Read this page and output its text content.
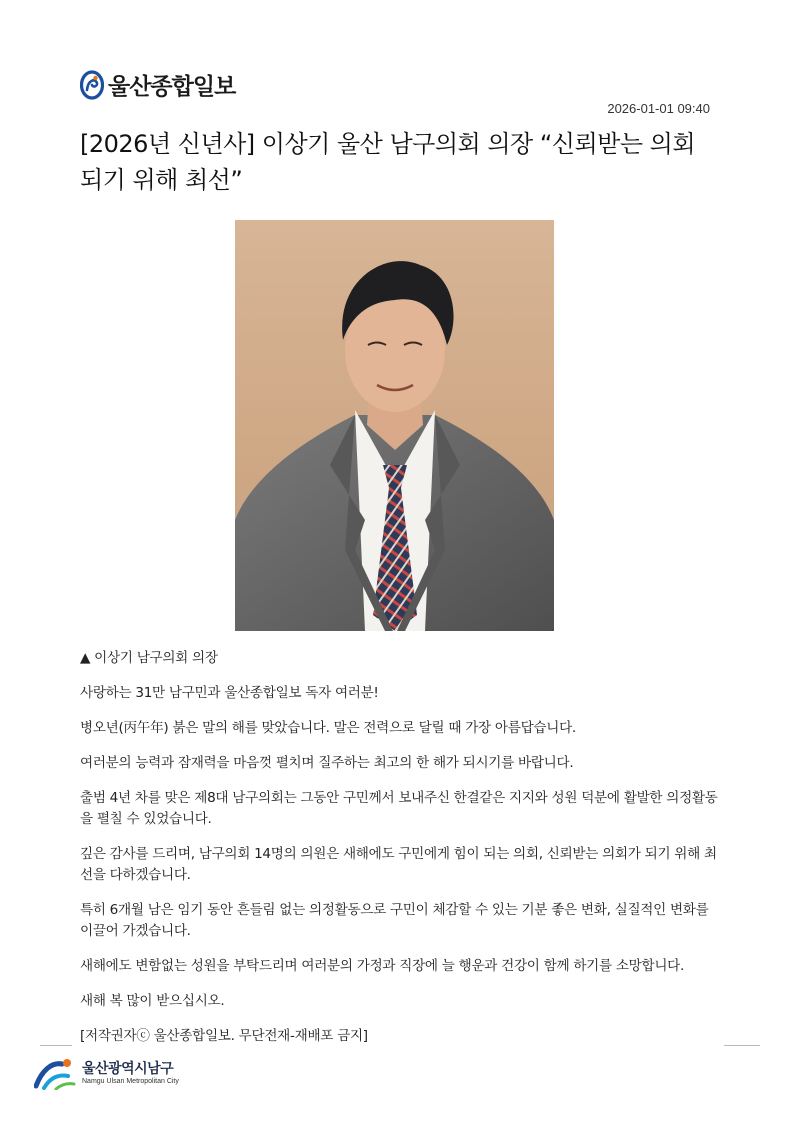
울산종합일보
2026-01-01 09:40
[2026년 신년사] 이상기 울산 남구의회 의장 “신뢰받는 의회 되기 위해 최선”

▲ 이상기 남구의회 의장

사랑하는 31만 남구민과 울산종합일보 독자 여러분!

병오년(丙午年) 붉은 말의 해를 맞았습니다. 말은 전력으로 달릴 때 가장 아름답습니다.

여러분의 능력과 잠재력을 마음껏 펼치며 질주하는 최고의 한 해가 되시기를 바랍니다.

출범 4년 차를 맞은 제8대 남구의회는 그동안 구민께서 보내주신 한결같은 지지와 성원 덕분에 활발한 의정활동을 펼칠 수 있었습니다.

깊은 감사를 드리며, 남구의회 14명의 의원은 새해에도 구민에게 힘이 되는 의회, 신뢰받는 의회가 되기 위해 최선을 다하겠습니다.

특히 6개월 남은 임기 동안 흔들림 없는 의정활동으로 구민이 체감할 수 있는 기분 좋은 변화, 실질적인 변화를 이끌어 가겠습니다.

새해에도 변함없는 성원을 부탁드리며 여러분의 가정과 직장에 늘 행운과 건강이 함께 하기를 소망합니다.

새해 복 많이 받으십시오.

[저작권자ⓒ 울산종합일보. 무단전재-재배포 금지]

울산광역시남구
Namgu Ulsan Metropolitan City
